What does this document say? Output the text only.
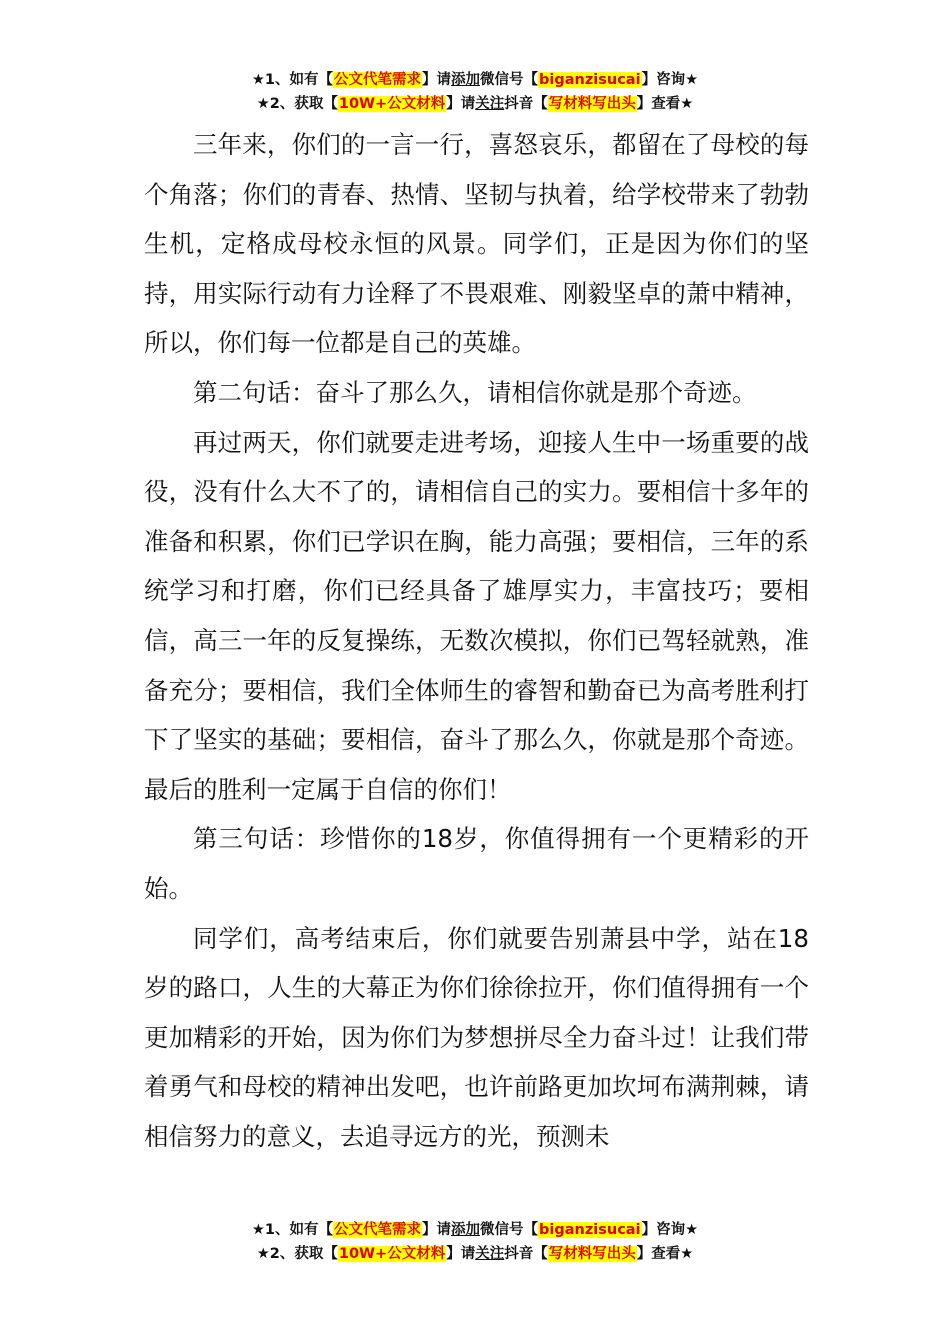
★1、如有【公文代笔需求】请添加微信号【biganzisucai】咨询★
★2、获取【10W+公文材料】请关注抖音【写材料写出头】查看★

三年来，你们的一言一行，喜怒哀乐，都留在了母校的每个角落；你们的青春、热情、坚韧与执着，给学校带来了勃勃生机，定格成母校永恒的风景。同学们，正是因为你们的坚持，用实际行动有力诠释了不畏艰难、刚毅坚卓的萧中精神，所以，你们每一位都是自己的英雄。

第二句话：奋斗了那么久，请相信你就是那个奇迹。

再过两天，你们就要走进考场，迎接人生中一场重要的战役，没有什么大不了的，请相信自己的实力。要相信十多年的准备和积累，你们已学识在胸，能力高强；要相信，三年的系统学习和打磨，你们已经具备了雄厚实力，丰富技巧；要相信，高三一年的反复操练，无数次模拟，你们已驾轻就熟，准备充分；要相信，我们全体师生的睿智和勤奋已为高考胜利打下了坚实的基础；要相信，奋斗了那么久，你就是那个奇迹。最后的胜利一定属于自信的你们！

第三句话：珍惜你的18岁，你值得拥有一个更精彩的开始。

同学们，高考结束后，你们就要告别萧县中学，站在18岁的路口，人生的大幕正为你们徐徐拉开，你们值得拥有一个更加精彩的开始，因为你们为梦想拼尽全力奋斗过！让我们带着勇气和母校的精神出发吧，也许前路更加坎坷布满荆棘，请相信努力的意义，去追寻远方的光，预测未

★1、如有【公文代笔需求】请添加微信号【biganzisucai】咨询★
★2、获取【10W+公文材料】请关注抖音【写材料写出头】查看★
